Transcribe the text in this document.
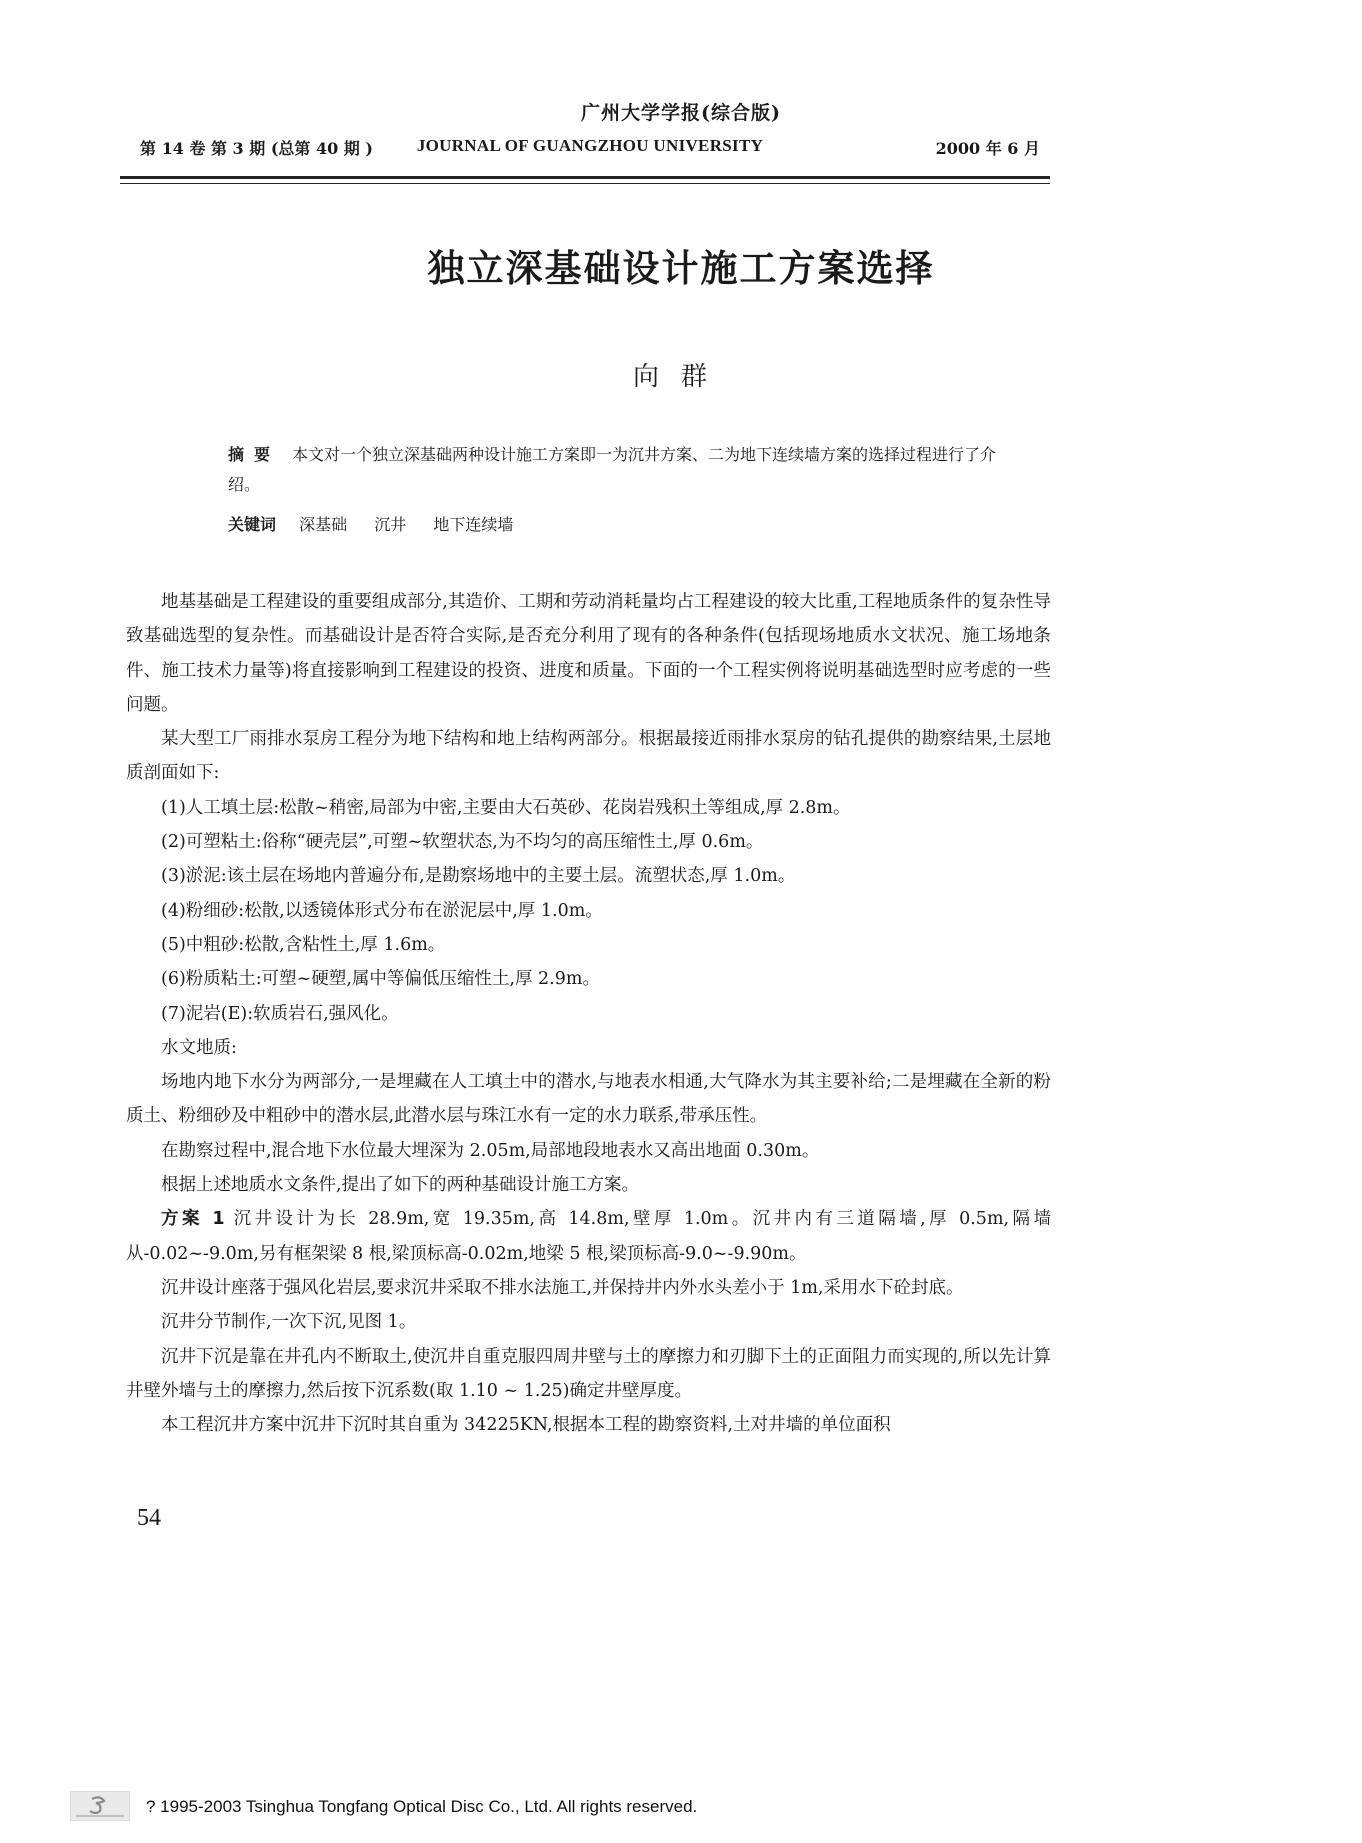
广州大学学报(综合版)
第 14 卷 第 3 期 (总第 40 期 )	JOURNAL OF GUANGZHOU UNIVERSITY	2000 年 6 月
独立深基础设计施工方案选择
向群
摘要 本文对一个独立深基础两种设计施工方案即一为沉井方案、二为地下连续墙方案的选择过程进行了介绍。
关键词 深基础 沉井 地下连续墙

地基基础是工程建设的重要组成部分,其造价、工期和劳动消耗量均占工程建设的较大比重,工程地质条件的复杂性导致基础选型的复杂性。而基础设计是否符合实际,是否充分利用了现有的各种条件(包括现场地质水文状况、施工场地条件、施工技术力量等)将直接影响到工程建设的投资、进度和质量。下面的一个工程实例将说明基础选型时应考虑的一些问题。

某大型工厂雨排水泵房工程分为地下结构和地上结构两部分。根据最接近雨排水泵房的钻孔提供的勘察结果,土层地质剖面如下:

(1)人工填土层:松散~稍密,局部为中密,主要由大石英砂、花岗岩残积土等组成,厚 2.8m。

(2)可塑粘土:俗称“硬壳层”,可塑~软塑状态,为不均匀的高压缩性土,厚 0.6m。

(3)淤泥:该土层在场地内普遍分布,是勘察场地中的主要土层。流塑状态,厚 1.0m。

(4)粉细砂:松散,以透镜体形式分布在淤泥层中,厚 1.0m。

(5)中粗砂:松散,含粘性土,厚 1.6m。

(6)粉质粘土:可塑~硬塑,属中等偏低压缩性土,厚 2.9m。

(7)泥岩(E):软质岩石,强风化。

水文地质:

场地内地下水分为两部分,一是埋藏在人工填土中的潜水,与地表水相通,大气降水为其主要补给;二是埋藏在全新的粉质土、粉细砂及中粗砂中的潜水层,此潜水层与珠江水有一定的水力联系,带承压性。

在勘察过程中,混合地下水位最大埋深为 2.05m,局部地段地表水又高出地面 0.30m。

根据上述地质水文条件,提出了如下的两种基础设计施工方案。

方案 1 沉井设计为长 28.9m,宽 19.35m,高 14.8m,壁厚 1.0m。沉井内有三道隔墙,厚 0.5m,隔墙从-0.02~-9.0m,另有框架梁 8 根,梁顶标高-0.02m,地梁 5 根,梁顶标高-9.0~-9.90m。

沉井设计座落于强风化岩层,要求沉井采取不排水法施工,并保持井内外水头差小于 1m,采用水下砼封底。

沉井分节制作,一次下沉,见图 1。

沉井下沉是靠在井孔内不断取土,使沉井自重克服四周井壁与土的摩擦力和刃脚下土的正面阻力而实现的,所以先计算井壁外墙与土的摩擦力,然后按下沉系数(取 1.10 ~ 1.25)确定井壁厚度。

本工程沉井方案中沉井下沉时其自重为 34225KN,根据本工程的勘察资料,土对井墙的单位面积

54
? 1995-2003 Tsinghua Tongfang Optical Disc Co., Ltd. All rights reserved.
